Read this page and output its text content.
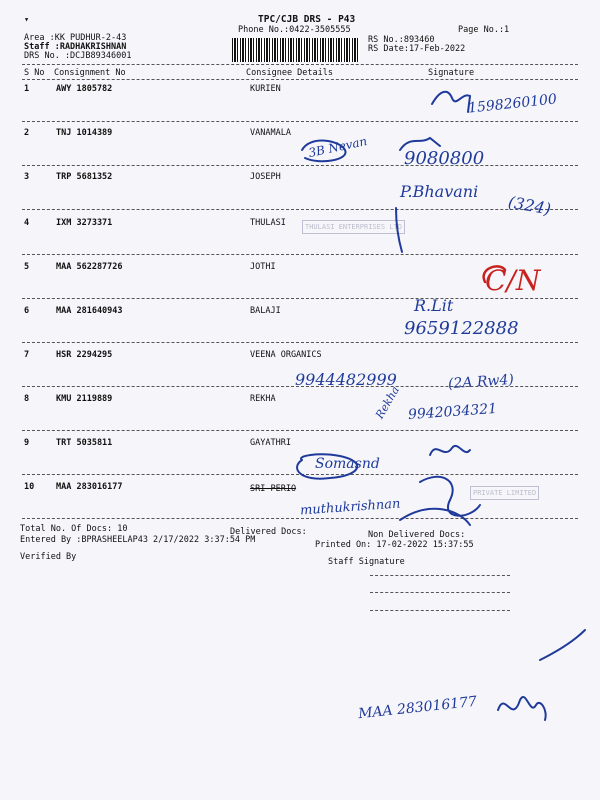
▾	TPC/CJB DRS - P43
Phone No.:0422-3505555	Page No.:1
Area :KK PUDHUR-2-43
Staff :RADHAKRISHNAN
DRS No. :DCJB89346001
RS No.:893460
RS Date:17-Feb-2022
S No Consignment No	Consignee Details	Signature
1	AWY 1805782	KURIEN
2	TNJ 1014389	VANAMALA
3	TRP 5681352	JOSEPH
4	IXM 3273371	THULASI
5	MAA 562287726	JOTHI
6	MAA 281640943	BALAJI
7	HSR 2294295	VEENA ORGANICS
8	KMU 2119889	REKHA
9	TRT 5035811	GAYATHRI
10	MAA 283016177	SRI PERIO
Total No. Of Docs: 10	Delivered Docs:	Non Delivered Docs:
Entered By :BPRASHEELAP43 2/17/2022 3:37:54 PM	Printed On: 17-02-2022 15:37:55
Verified By	Staff Signature
THULASI ENTERPRISES LTD
PRIVATE LIMITED
1598260100
3B Nevan 9080800
P.Bhavani
(324)
C/N
R.Lit
9659122888
9944482999	(2A Rw4)
Rekha 9942034321
Somasnd
muthukrishnan
MAA 283016177
